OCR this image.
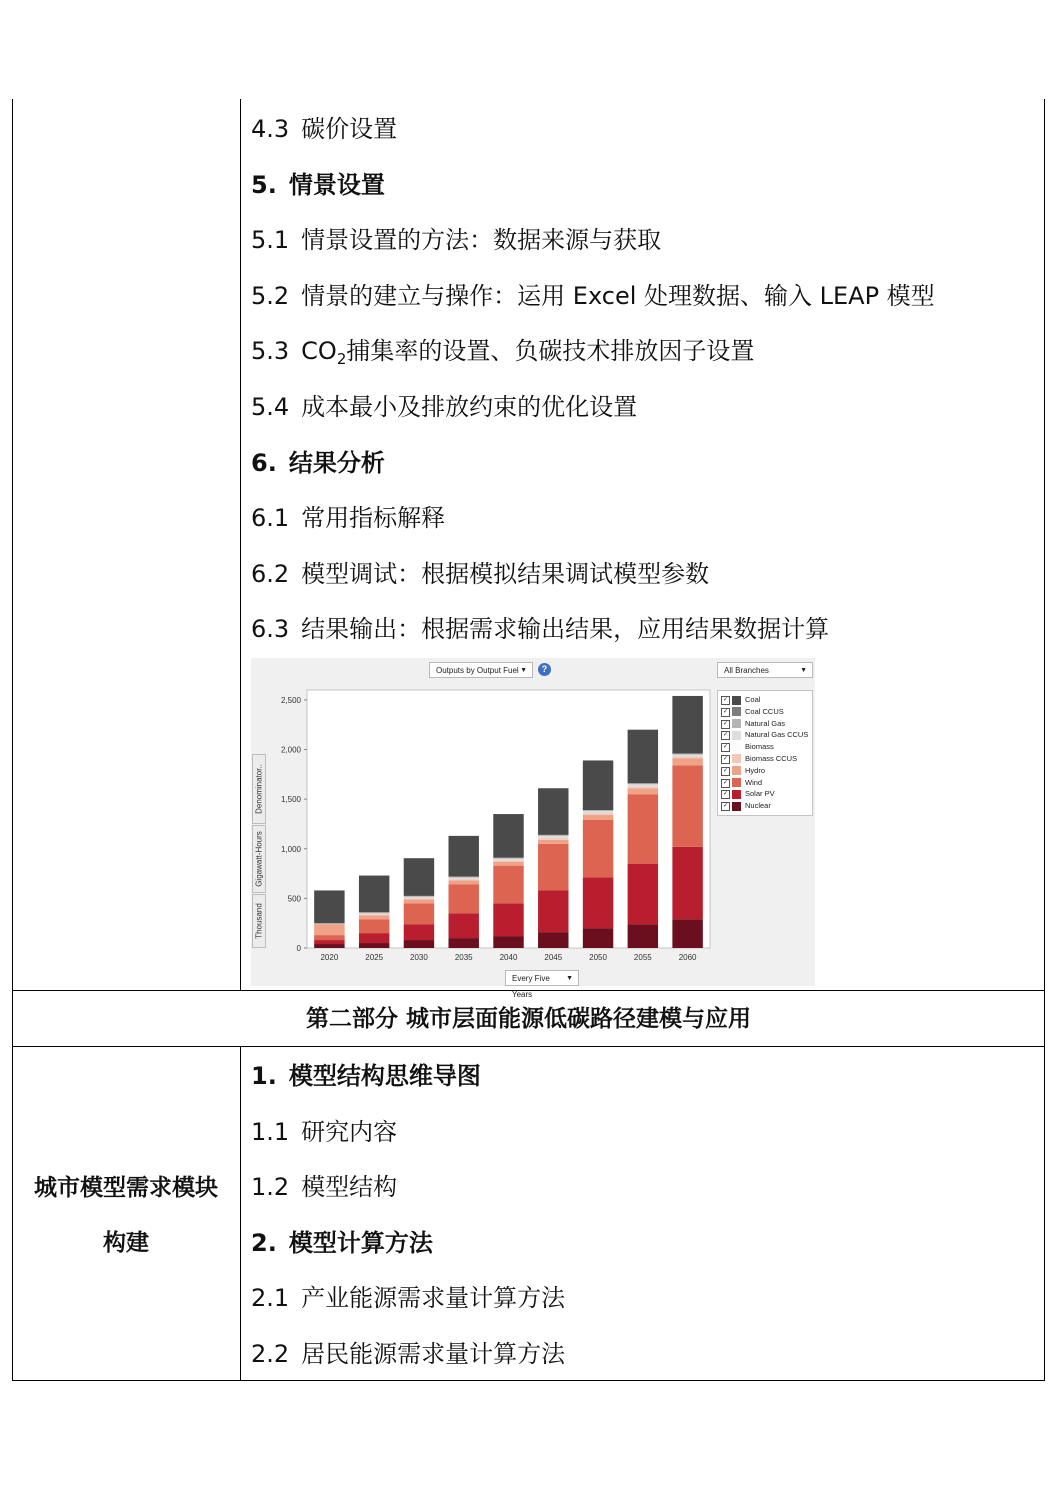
4.3 碳价设置
5. 情景设置
5.1 情景设置的方法：数据来源与获取
5.2 情景的建立与操作：运用 Excel 处理数据、输入 LEAP 模型
5.3 $CO_2$捕集率的设置、负碳技术排放因子设置
5.4 成本最小及排放约束的优化设置
6. 结果分析
6.1 常用指标解释
6.2 模型调试：根据模拟结果调试模型参数
6.3 结果输出：根据需求输出结果，应用结果数据计算
Outputs by Output Fuel ▼	?	All Branches	▼
Denominator..
Gigawatt-Hours
Thousand
0
500
1,000
1,500
2,000
2,500
2020	2025	2030	2035	2040	2045	2050	2055	2060
✓ Coal
✓ Coal CCUS
✓ Natural Gas
✓ Natural Gas CCUS
✓ Biomass
✓ Biomass CCUS
✓ Hydro
✓ Wind
✓ Solar PV
✓ Nuclear
Every Five Years
▼
第二部分 城市层面能源低碳路径建模与应用
城市模型需求模块
构建
1. 模型结构思维导图
1.1 研究内容
1.2 模型结构
2. 模型计算方法
2.1 产业能源需求量计算方法
2.2 居民能源需求量计算方法
